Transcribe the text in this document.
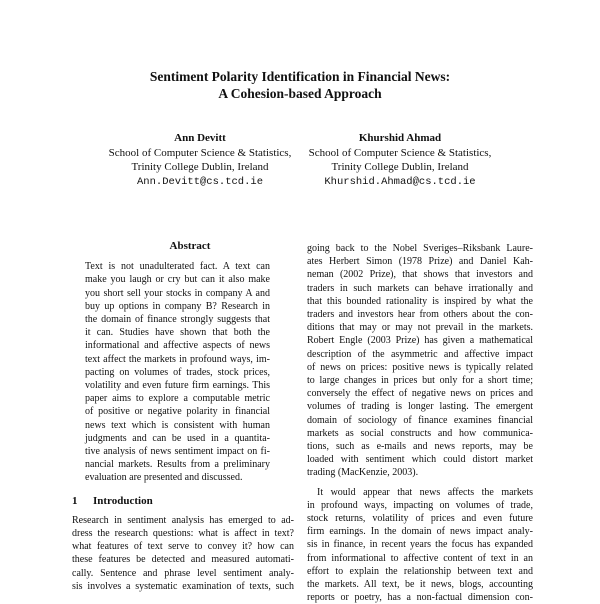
Sentiment Polarity Identification in Financial News:
A Cohesion-based Approach
Ann Devitt
School of Computer Science & Statistics,
Trinity College Dublin, Ireland
Ann.Devitt@cs.tcd.ie
Khurshid Ahmad
School of Computer Science & Statistics,
Trinity College Dublin, Ireland
Khurshid.Ahmad@cs.tcd.ie
Abstract
Text is not unadulterated fact. A text can
make you laugh or cry but can it also make
you short sell your stocks in company A and
buy up options in company B? Research in
the domain of finance strongly suggests that
it can. Studies have shown that both the
informational and affective aspects of news
text affect the markets in profound ways, im-
pacting on volumes of trades, stock prices,
volatility and even future firm earnings. This
paper aims to explore a computable metric
of positive or negative polarity in financial
news text which is consistent with human
judgments and can be used in a quantita-
tive analysis of news sentiment impact on fi-
nancial markets. Results from a preliminary
evaluation are presented and discussed.
1 Introduction
Research in sentiment analysis has emerged to ad-
dress the research questions: what is affect in text?
what features of text serve to convey it? how can
these features be detected and measured automati-
cally. Sentence and phrase level sentiment analy-
sis involves a systematic examination of texts, such
going back to the Nobel Sveriges–Riksbank Laure-
ates Herbert Simon (1978 Prize) and Daniel Kah-
neman (2002 Prize), that shows that investors and
traders in such markets can behave irrationally and
that this bounded rationality is inspired by what the
traders and investors hear from others about the con-
ditions that may or may not prevail in the markets.
Robert Engle (2003 Prize) has given a mathematical
description of the asymmetric and affective impact
of news on prices: positive news is typically related
to large changes in prices but only for a short time;
conversely the effect of negative news on prices and
volumes of trading is longer lasting. The emergent
domain of sociology of finance examines financial
markets as social constructs and how communica-
tions, such as e-mails and news reports, may be
loaded with sentiment which could distort market
trading (MacKenzie, 2003).
It would appear that news affects the markets
in profound ways, impacting on volumes of trade,
stock returns, volatility of prices and even future
firm earnings. In the domain of news impact analy-
sis in finance, in recent years the focus has expanded
from informational to affective content of text in an
effort to explain the relationship between text and
the markets. All text, be it news, blogs, accounting
reports or poetry, has a non-factual dimension con-
